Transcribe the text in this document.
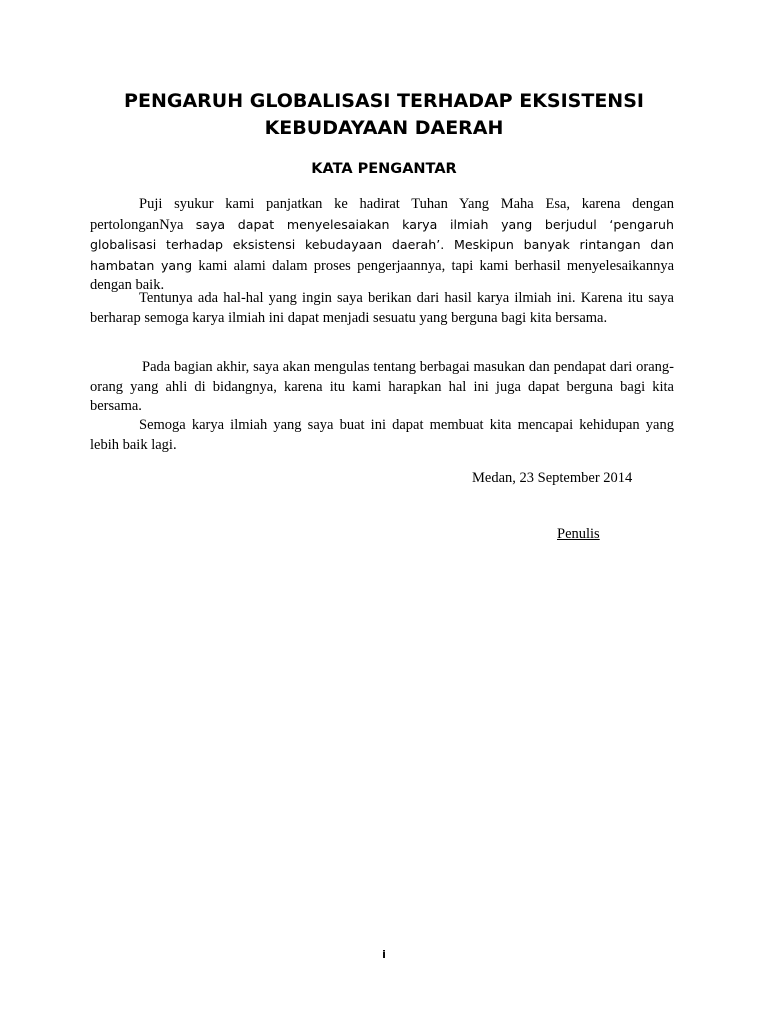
PENGARUH GLOBALISASI TERHADAP EKSISTENSI
KEBUDAYAAN DAERAH
KATA PENGANTAR

Puji syukur kami panjatkan ke hadirat Tuhan Yang Maha Esa, karena dengan pertolonganNya saya dapat menyelesaiakan karya ilmiah yang berjudul ‘pengaruh globalisasi terhadap eksistensi kebudayaan daerah’. Meskipun banyak rintangan dan hambatan yang kami alami dalam proses pengerjaannya, tapi kami berhasil menyelesaikannya dengan baik.

Tentunya ada hal-hal yang ingin saya berikan dari hasil karya ilmiah ini. Karena itu saya berharap semoga karya ilmiah ini dapat menjadi sesuatu yang berguna bagi kita bersama.

Pada bagian akhir, saya akan mengulas tentang berbagai masukan dan pendapat dari orang-orang yang ahli di bidangnya, karena itu kami harapkan hal ini juga dapat berguna bagi kita bersama.

Semoga karya ilmiah yang saya buat ini dapat membuat kita mencapai kehidupan yang lebih baik lagi.

Medan, 23 September 2014

Penulis

i
